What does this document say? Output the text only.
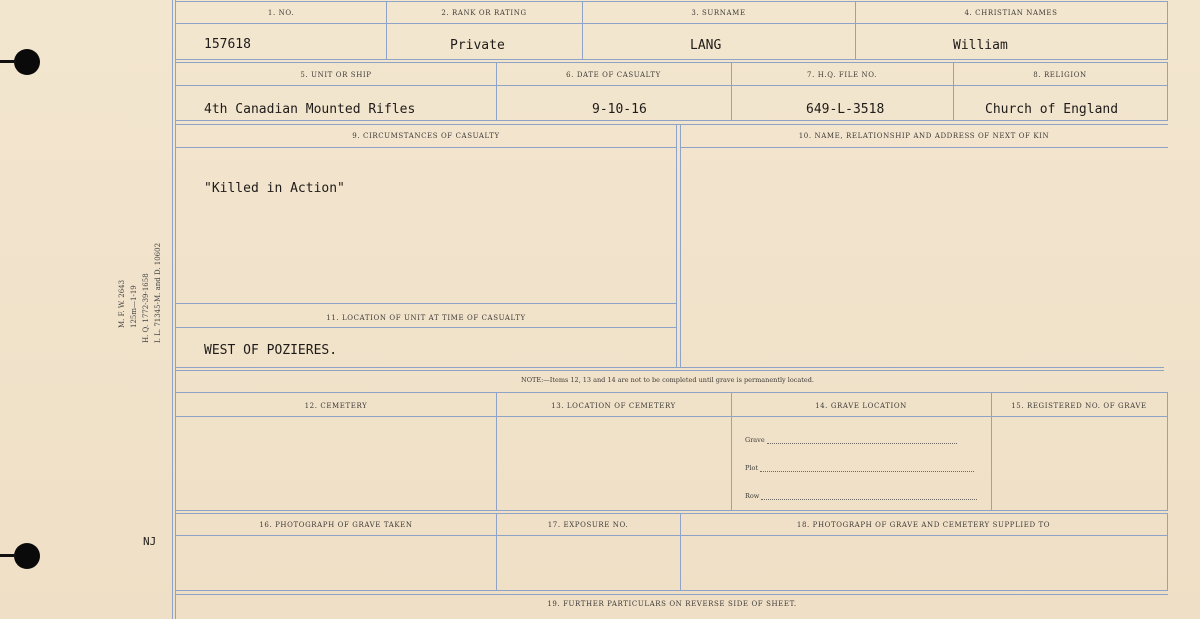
M. F. W. 2643 125m—1-19 H. Q. 1772-39-1658 I. L. 71345-M. and D. 10602
NJ
1. NO.	2. RANK OR RATING	3. SURNAME	4. CHRISTIAN NAMES
157618	Private	LANG	William
5. UNIT OR SHIP	6. DATE OF CASUALTY	7. H.Q. FILE NO.	8. RELIGION
4th Canadian Mounted Rifles	9-10-16	649-L-3518	Church of England
9. CIRCUMSTANCES OF CASUALTY	10. NAME, RELATIONSHIP AND ADDRESS OF NEXT OF KIN
"Killed in Action"
11. LOCATION OF UNIT AT TIME OF CASUALTY
WEST OF POZIERES.
NOTE:—Items 12, 13 and 14 are not to be completed until grave is permanently located.
12. CEMETERY	13. LOCATION OF CEMETERY	14. GRAVE LOCATION	15. REGISTERED NO. OF GRAVE
Grave
Plot
Row
16. PHOTOGRAPH OF GRAVE TAKEN	17. EXPOSURE NO.	18. PHOTOGRAPH OF GRAVE AND CEMETERY SUPPLIED TO
19. FURTHER PARTICULARS ON REVERSE SIDE OF SHEET.
